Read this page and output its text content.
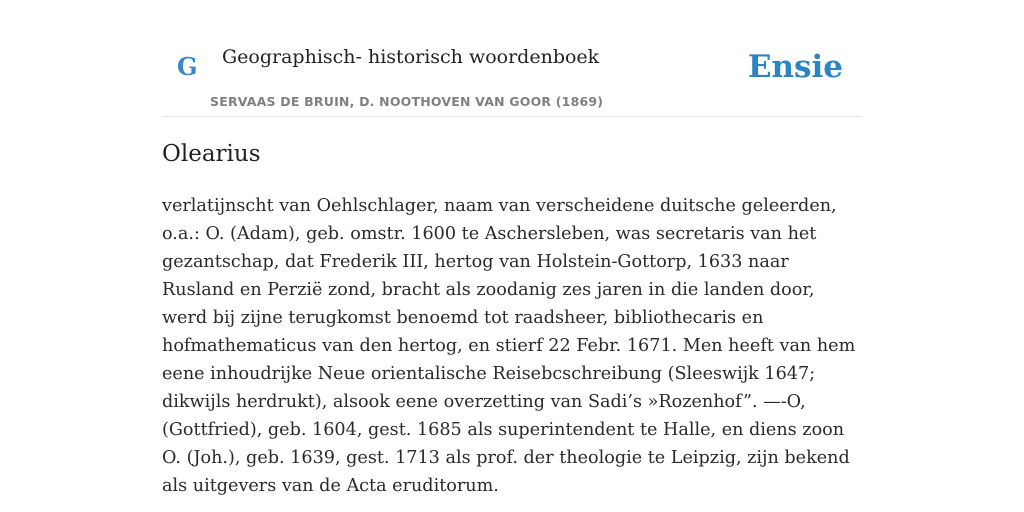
G Geographisch- historisch woordenboek
SERVAAS DE BRUIN, D. NOOTHOVEN VAN GOOR (1869)
Ensie
Olearius

verlatijnscht van Oehlschlager, naam van verscheidene duitsche geleerden, o.a.: O. (Adam), geb. omstr. 1600 te Aschersleben, was secretaris van het gezantschap, dat Frederik III, hertog van Holstein-Gottorp, 1633 naar Rusland en Perzië zond, bracht als zoodanig zes jaren in die landen door, werd bij zijne terugkomst benoemd tot raadsheer, bibliothecaris en hofmathematicus van den hertog, en stierf 22 Febr. 1671. Men heeft van hem eene inhoudrijke Neue orientalische Reisebcschreibung (Sleeswijk 1647; dikwijls herdrukt), alsook eene overzetting van Sadi’s »Rozenhof”. —-O, (Gottfried), geb. 1604, gest. 1685 als superintendent te Halle, en diens zoon O. (Joh.), geb. 1639, gest. 1713 als prof. der theologie te Leipzig, zijn bekend als uitgevers van de Acta eruditorum.
